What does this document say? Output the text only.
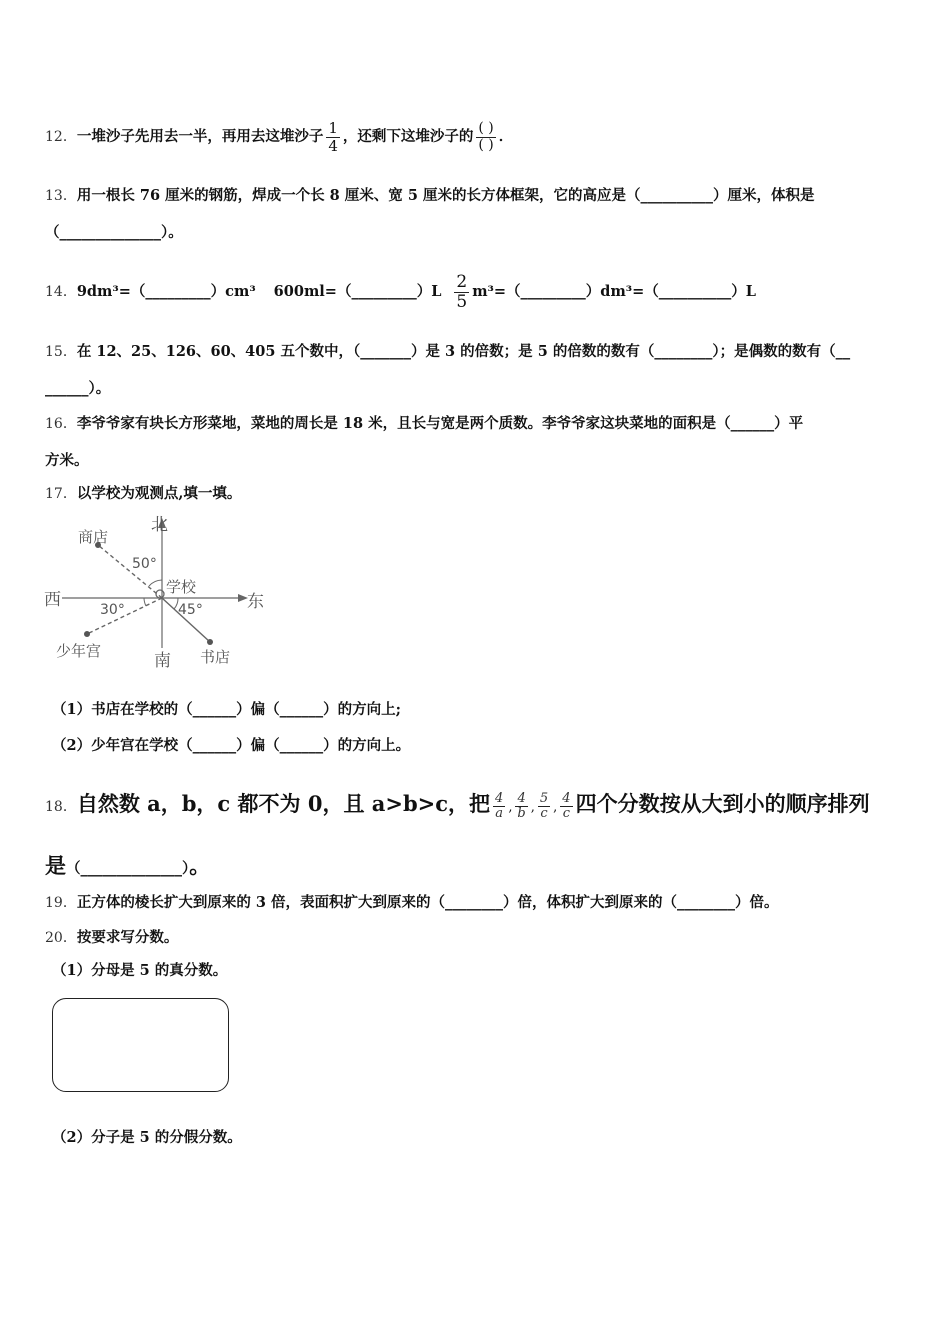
12．一堆沙子先用去一半，再用去这堆沙子 $\frac{1}{4}$ ，还剩下这堆沙子的 $\frac{( )}{( )}$ ．
13．用一根长 76 厘米的钢筋，焊成一个长 8 厘米、宽 5 厘米的长方体框架，它的高应是（__________）厘米，体积是
（______________）。
14．9dm³=（_________）cm³ 600ml=（_________）L $\frac{2}{5}$ m³=（_________）dm³=（__________）L
15．在 12、25、126、60、405 五个数中，（_______）是 3 的倍数；是 5 的倍数的数有（________）；是偶数的数有（__
______）。
16．李爷爷家有块长方形菜地，菜地的周长是 18 米，且长与宽是两个质数。李爷爷家这块菜地的面积是（______）平
方米。
17．以学校为观测点,填一填。
北
南
西	东
学校
商店
少年宫	书店
50°
30°	45°
（1）书店在学校的（______）偏（______）的方向上;
（2）少年宫在学校（______）偏（______）的方向上。
18．自然数 a，b，c 都不为 0，且 a>b>c，把 $\frac{4}{a}$ , $\frac{4}{b}$ , $\frac{5}{c}$ , $\frac{4}{c}$ 四个分数按从大到小的顺序排列
是（______________）。
19．正方体的棱长扩大到原来的 3 倍，表面积扩大到原来的（________）倍，体积扩大到原来的（________）倍。
20．按要求写分数。
（1）分母是 5 的真分数。
（2）分子是 5 的分假分数。
